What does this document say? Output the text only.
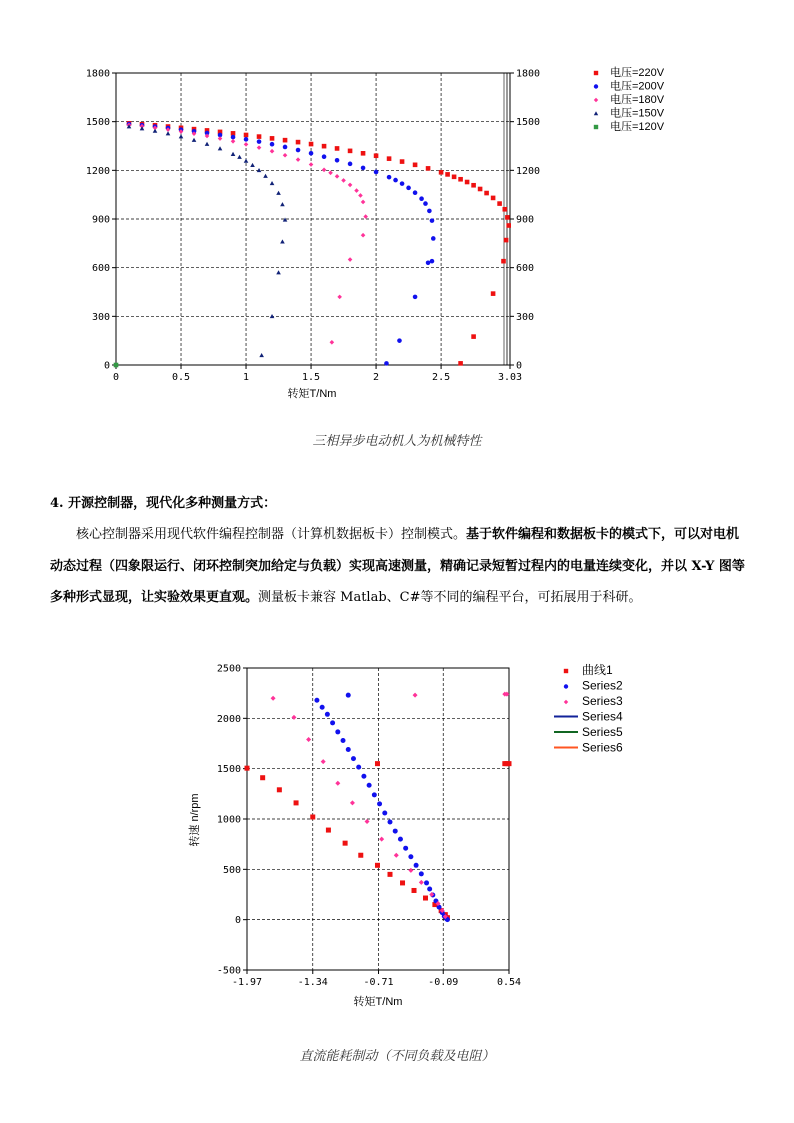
0	0.5	1	1.5	2	2.5	3.03
0	0
300	300
600	600
900	900
1200	1200
1500	1500
1800	1800
转矩T/Nm
电压=220V
电压=200V
电压=180V
电压=150V
电压=120V
三相异步电动机人为机械特性
4. 开源控制器，现代化多种测量方式：
核心控制器采用现代软件编程控制器（计算机数据板卡）控制模式。基于软件编程和数据板卡的模式下，可以对电机动态过程（四象限运行、闭环控制突加给定与负载）实现高速测量，精确记录短暂过程内的电量连续变化，并以 X-Y 图等多种形式显现，让实验效果更直观。测量板卡兼容 Matlab、C#等不同的编程平台，可拓展用于科研。
-1.97	-1.34	-0.71	-0.09	0.54
-500
0
500
1000
1500
2000
2500
转矩T/Nm
转速 n/rpm
曲线1
Series2
Series3
Series4
Series5
Series6
直流能耗制动（不同负载及电阻）
